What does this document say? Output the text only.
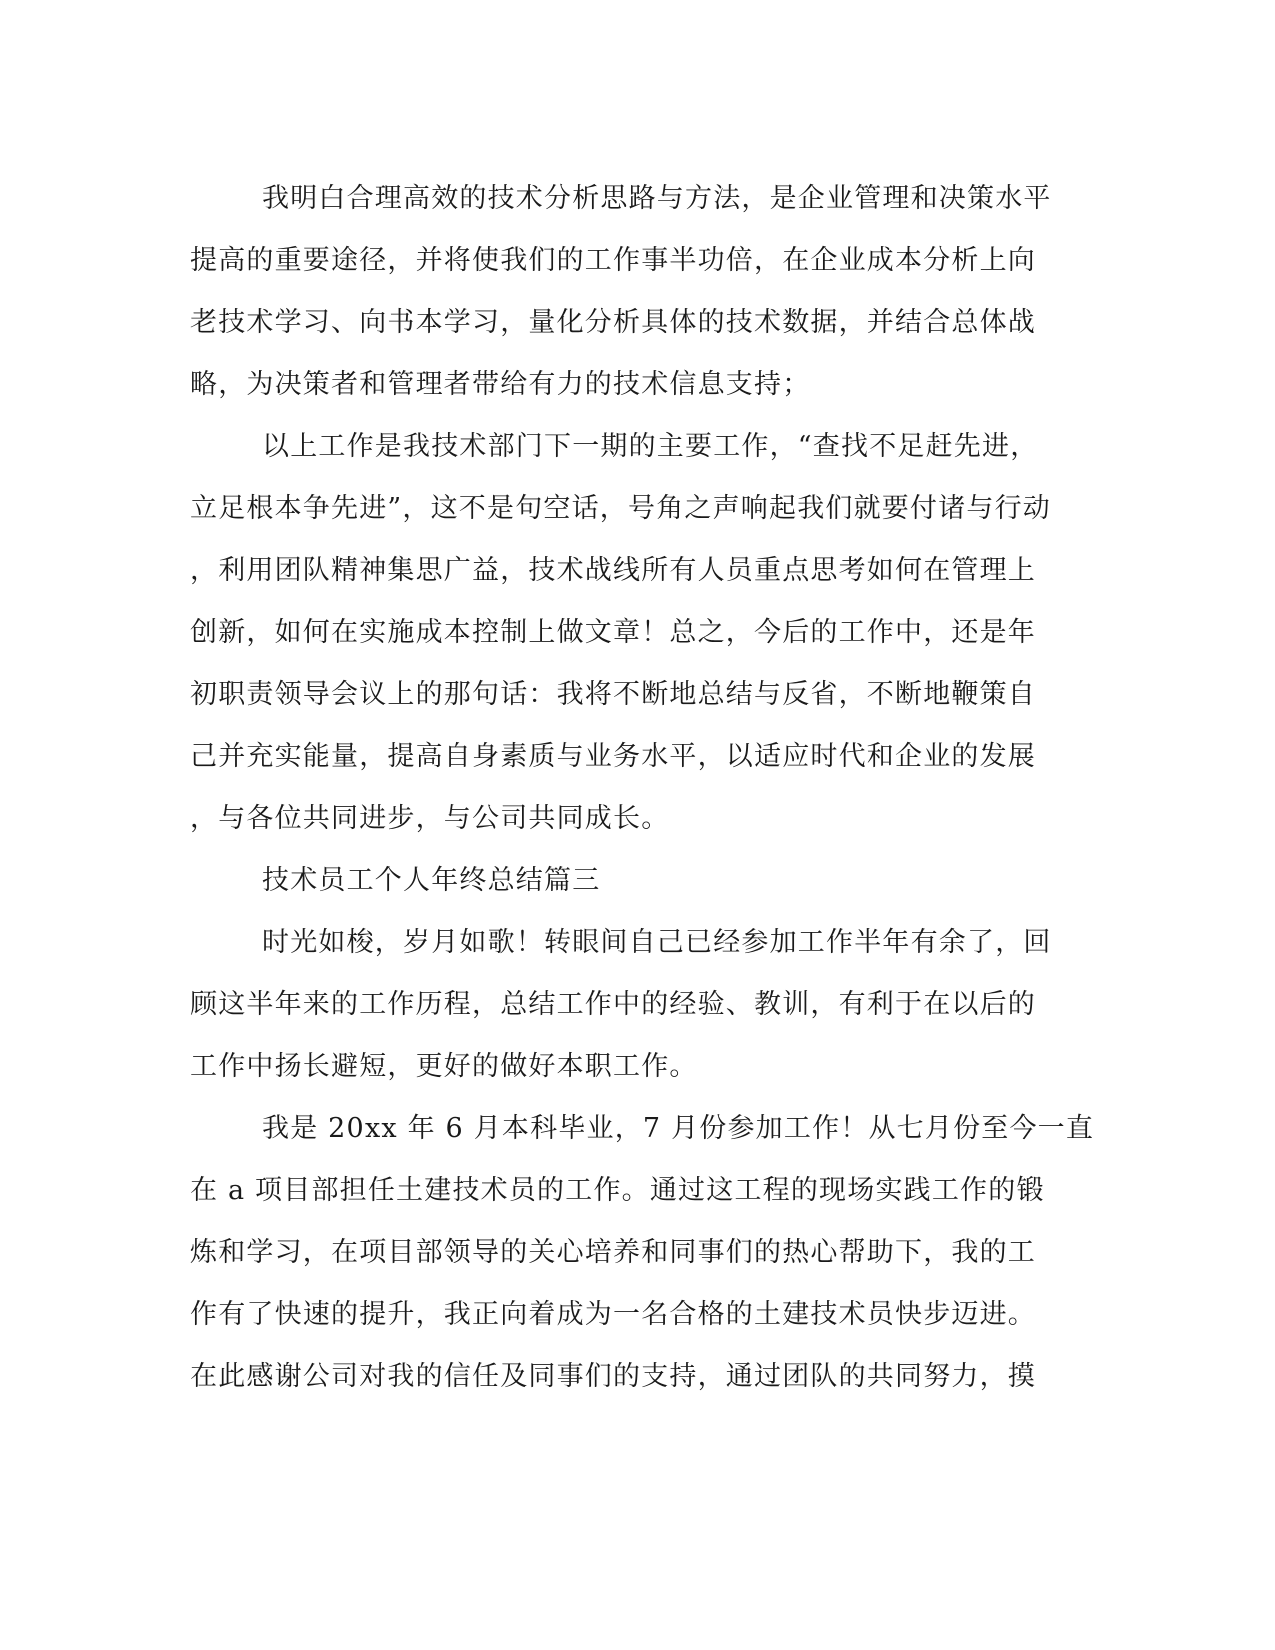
我明白合理高效的技术分析思路与方法，是企业管理和决策水平
提高的重要途径，并将使我们的工作事半功倍，在企业成本分析上向
老技术学习、向书本学习，量化分析具体的技术数据，并结合总体战
略，为决策者和管理者带给有力的技术信息支持；
以上工作是我技术部门下一期的主要工作，“查找不足赶先进，
立足根本争先进”，这不是句空话，号角之声响起我们就要付诸与行动
，利用团队精神集思广益，技术战线所有人员重点思考如何在管理上
创新，如何在实施成本控制上做文章！总之，今后的工作中，还是年
初职责领导会议上的那句话：我将不断地总结与反省，不断地鞭策自
己并充实能量，提高自身素质与业务水平，以适应时代和企业的发展
，与各位共同进步，与公司共同成长。
技术员工个人年终总结篇三
时光如梭，岁月如歌！转眼间自己已经参加工作半年有余了，回
顾这半年来的工作历程，总结工作中的经验、教训，有利于在以后的
工作中扬长避短，更好的做好本职工作。
我是 20xx 年 6 月本科毕业，7 月份参加工作！从七月份至今一直
在 a 项目部担任土建技术员的工作。通过这工程的现场实践工作的锻
炼和学习，在项目部领导的关心培养和同事们的热心帮助下，我的工
作有了快速的提升，我正向着成为一名合格的土建技术员快步迈进。
在此感谢公司对我的信任及同事们的支持，通过团队的共同努力，摸
